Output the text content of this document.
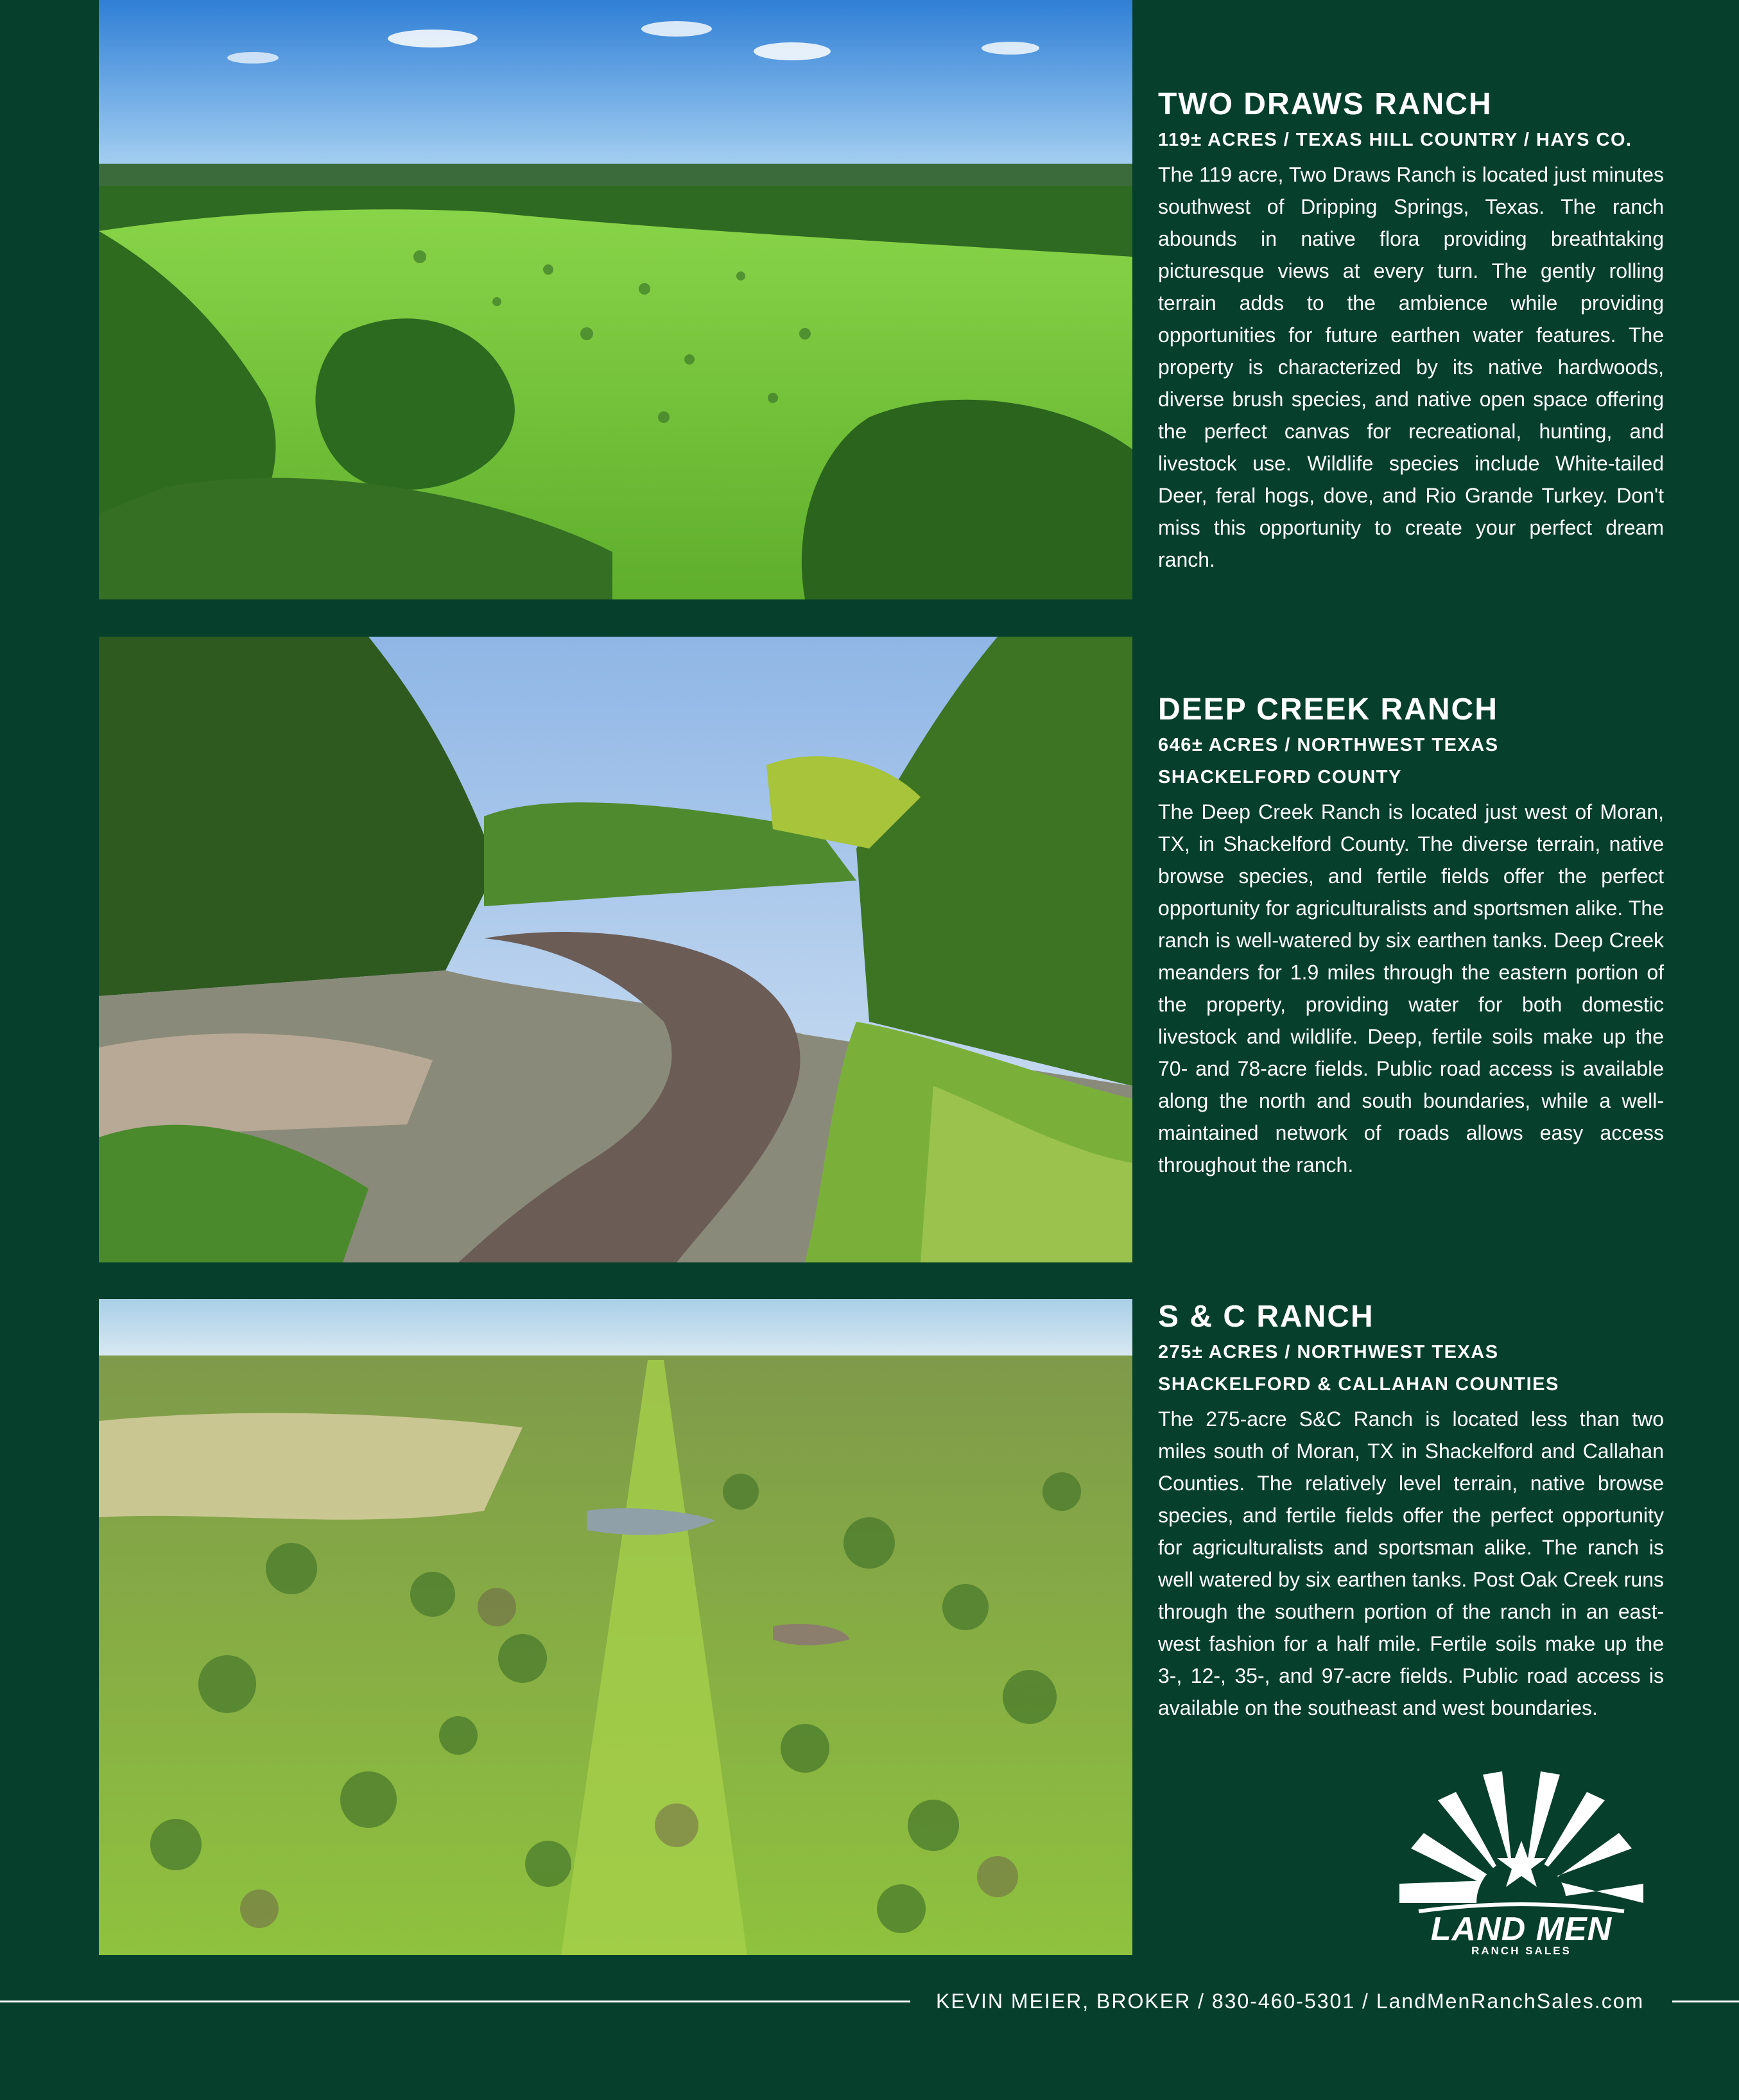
TWO DRAWS RANCH
119± ACRES / TEXAS HILL COUNTRY / HAYS CO.

The 119 acre, Two Draws Ranch is located just minutes southwest of Dripping Springs, Texas. The ranch abounds in native flora providing breathtaking picturesque views at every turn. The gently rolling terrain adds to the ambience while providing opportunities for future earthen water features. The property is characterized by its native hardwoods, diverse brush species, and native open space offering the perfect canvas for recreational, hunting, and livestock use. Wildlife species include White-tailed Deer, feral hogs, dove, and Rio Grande Turkey. Don't miss this opportunity to create your perfect dream ranch.

DEEP CREEK RANCH
646± ACRES / NORTHWEST TEXAS
SHACKELFORD COUNTY

The Deep Creek Ranch is located just west of Moran, TX, in Shackelford County. The diverse terrain, native browse species, and fertile fields offer the perfect opportunity for agriculturalists and sportsmen alike. The ranch is well-watered by six earthen tanks. Deep Creek meanders for 1.9 miles through the eastern portion of the property, providing water for both domestic livestock and wildlife. Deep, fertile soils make up the 70- and 78-acre fields. Public road access is available along the north and south boundaries, while a well-maintained network of roads allows easy access throughout the ranch.

S & C RANCH
275± ACRES / NORTHWEST TEXAS
SHACKELFORD & CALLAHAN COUNTIES

The 275-acre S&C Ranch is located less than two miles south of Moran, TX in Shackelford and Callahan Counties. The relatively level terrain, native browse species, and fertile fields offer the perfect opportunity for agriculturalists and sportsman alike. The ranch is well watered by six earthen tanks. Post Oak Creek runs through the southern portion of the ranch in an east-west fashion for a half mile. Fertile soils make up the 3-, 12-, 35-, and 97-acre fields. Public road access is available on the southeast and west boundaries.

LAND MEN
RANCH SALES
KEVIN MEIER, BROKER / 830-460-5301 / LandMenRanchSales.com
